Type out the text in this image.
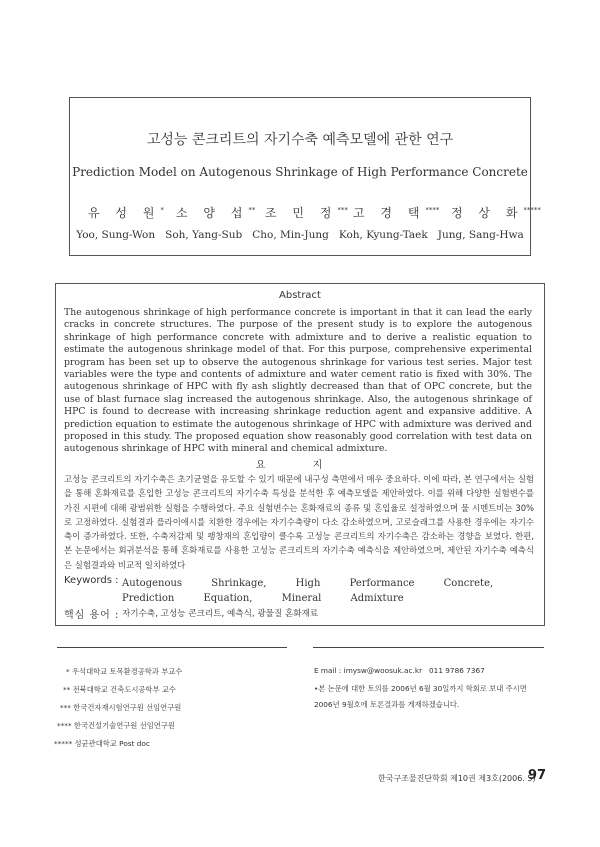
고성능 콘크리트의 자기수축 예측모델에 관한 연구
Prediction Model on Autogenous Shrinkage of High Performance Concrete
유 성 원* 소 양 섭** 조 민 정*** 고 경 택**** 정 상 화*****
Yoo, Sung-Won   Soh, Yang-Sub   Cho, Min-Jung   Koh, Kyung-Taek   Jung, Sang-Hwa
Abstract
The autogenous shrinkage of high performance concrete is important in that it can lead the early cracks in concrete structures. The purpose of the present study is to explore the autogenous shrinkage of high performance concrete with admixture and to derive a realistic equation to estimate the autogenous shrinkage model of that. For this purpose, comprehensive experimental program has been set up to observe the autogenous shrinkage for various test series. Major test variables were the type and contents of admixture and water cement ratio is fixed with 30%. The autogenous shrinkage of HPC with fly ash slightly decreased than that of OPC concrete, but the use of blast furnace slag increased the autogenous shrinkage. Also, the autogenous shrinkage of HPC is found to decrease with increasing shrinkage reduction agent and expansive additive. A prediction equation to estimate the autogenous shrinkage of HPC with admixture was derived and proposed in this study. The proposed equation show reasonably good correlation with test data on autogenous shrinkage of HPC with mineral and chemical admixture.
요 지
고성능 콘크리트의 자기수축은 초기균열을 유도할 수 있기 때문에 내구성 측면에서 매우 중요하다. 이에 따라, 본 연구에서는 실험을 통해 혼화재료를 혼입한 고성능 콘크리트의 자기수축 특성을 분석한 후 예측모델을 제안하였다. 이를 위해 다양한 실험변수를 가진 시편에 대해 광범위한 실험을 수행하였다. 주요 실험변수는 혼화재료의 종류 및 혼입율로 설정하였으며 물 시멘트비는 30%로 고정하였다. 실험결과 플라이애시를 치환한 경우에는 자기수축량이 다소 감소하였으며, 고로슬래그를 사용한 경우에는 자기수축이 증가하였다. 또한, 수축저감제 및 팽창재의 혼입량이 클수록 고성능 콘크리트의 자기수축은 감소하는 경향을 보였다. 한편, 본 논문에서는 회귀분석을 통해 혼화재료를 사용한 고성능 콘크리트의 자기수축 예측식을 제안하였으며, 제안된 자기수축 예측식은 실험결과와 비교적 일치하였다
Keywords : Autogenous Shrinkage, High Performance Concrete, Prediction Equation, Mineral Admixture
핵심 용어 : 자기수축, 고성능 콘크리트, 예측식, 광물질 혼화재료
* 우석대학교 토목환경공학과 부교수
** 전북대학교 건축도시공학부 교수
*** 한국건자재시험연구원 선임연구원
**** 한국건설기술연구원 선임연구원
***** 성균관대학교 Post doc
E mail : imysw@woosuk.ac.kr   011 9786 7367
•본 논문에 대한 토의를 2006년 6월 30일까지 학회로 보내 주시면 2006년 9월호에 토론결과를 게재하겠습니다.
한국구조물진단학회 제10권 제3호(2006. 5)
97
